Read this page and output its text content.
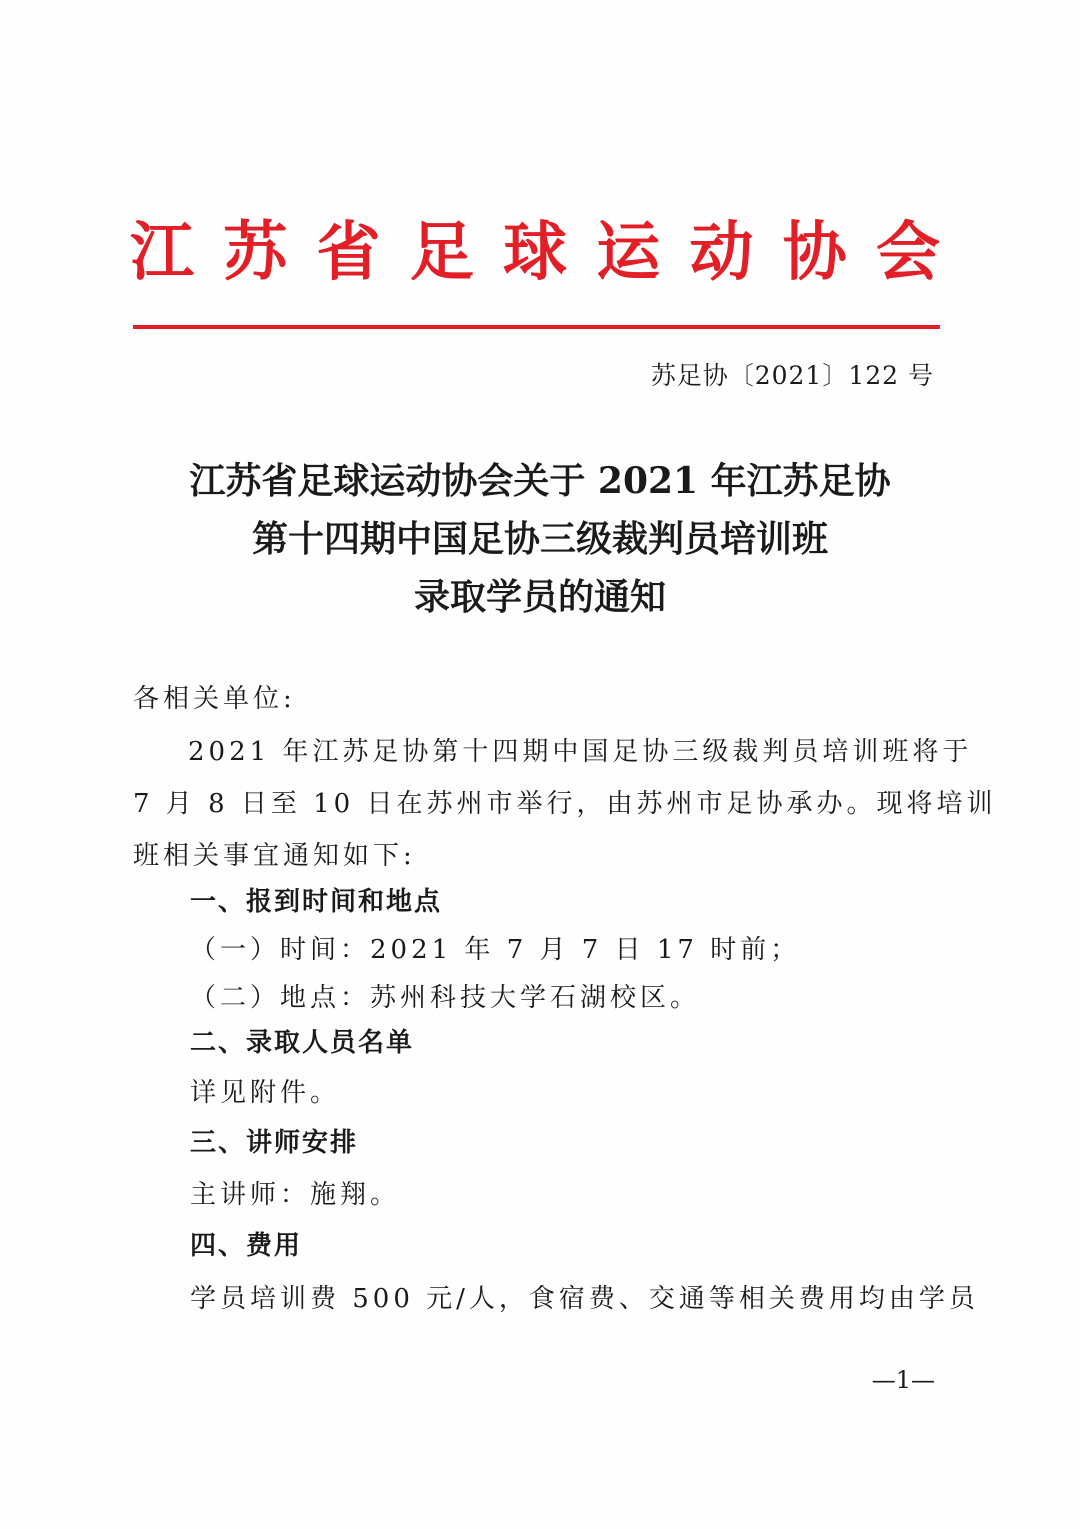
江 苏 省 足 球 运 动 协 会
苏足协〔2021〕122 号
江苏省足球运动协会关于 2021 年江苏足协
第十四期中国足协三级裁判员培训班
录取学员的通知
各相关单位:
2021 年江苏足协第十四期中国足协三级裁判员培训班将于
7 月 8 日至 10 日在苏州市举行，由苏州市足协承办。现将培训
班相关事宜通知如下:
一、报到时间和地点
（一）时间：2021 年 7 月 7 日 17 时前；
（二）地点：苏州科技大学石湖校区。
二、录取人员名单
详见附件。
三、讲师安排
主讲师：施翔。
四、费用
学员培训费 500 元/人，食宿费、交通等相关费用均由学员
—1—
